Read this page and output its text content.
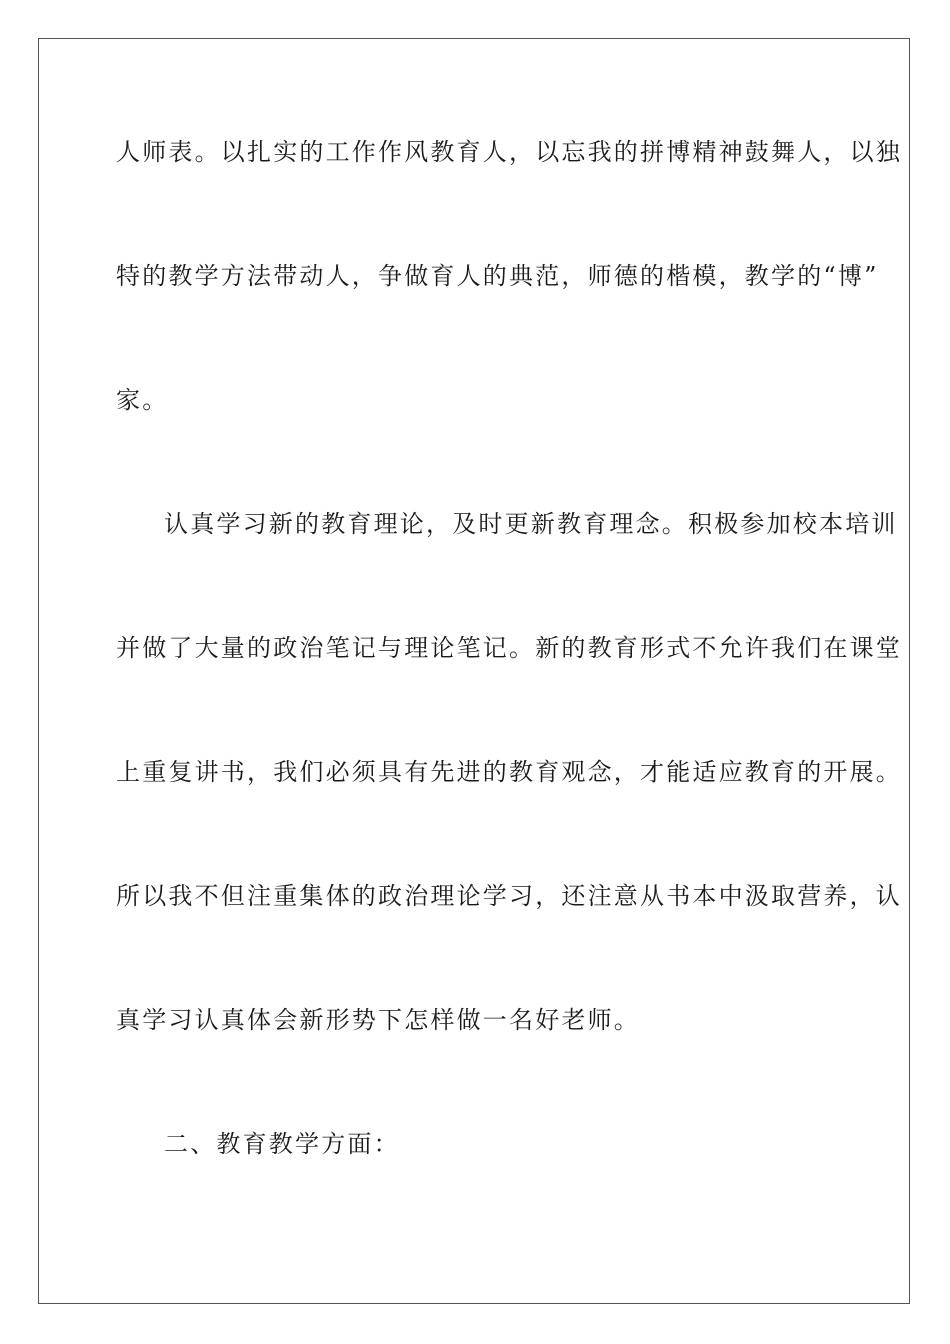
人师表。以扎实的工作作风教育人，以忘我的拼博精神鼓舞人，以独
特的教学方法带动人，争做育人的典范，师德的楷模，教学的“博”
家。
认真学习新的教育理论，及时更新教育理念。积极参加校本培训
并做了大量的政治笔记与理论笔记。新的教育形式不允许我们在课堂
上重复讲书，我们必须具有先进的教育观念，才能适应教育的开展。
所以我不但注重集体的政治理论学习，还注意从书本中汲取营养，认
真学习认真体会新形势下怎样做一名好老师。
二、教育教学方面：
